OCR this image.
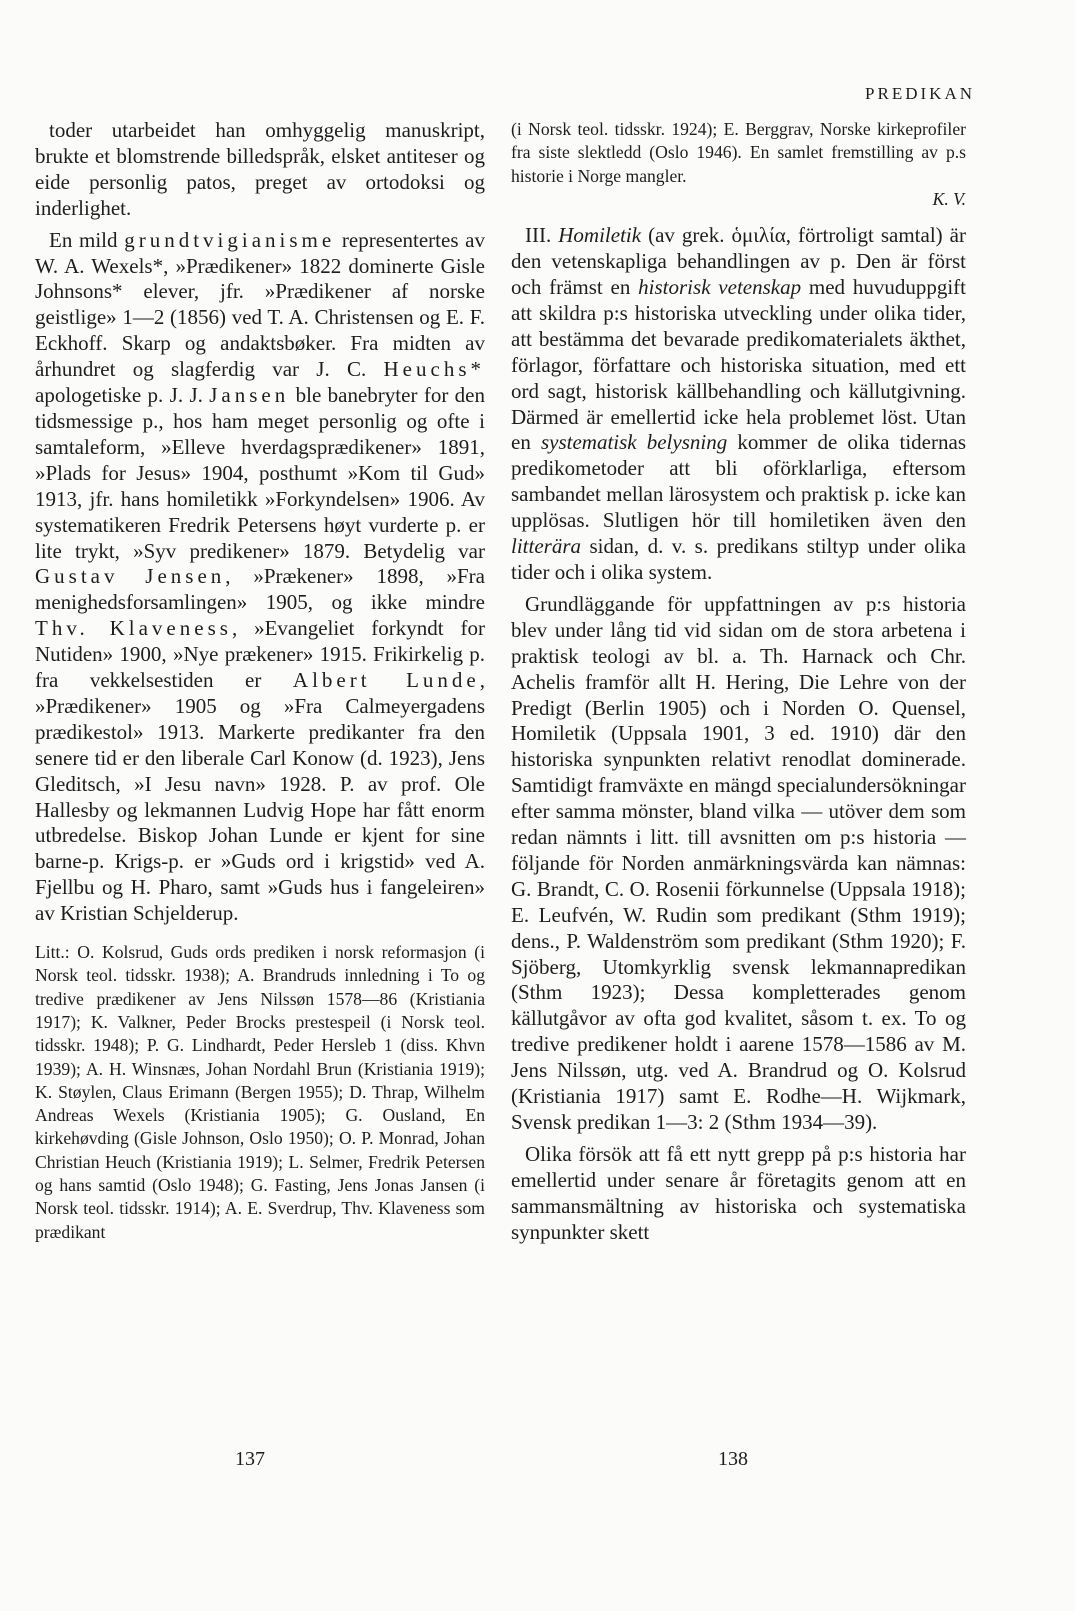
PREDIKAN

toder utarbeidet han omhyggelig manuskript, brukte et blomstrende billedspråk, elsket antiteser og eide personlig patos, preget av ortodoksi og inderlighet.

En mild grundtvigianisme representertes av W. A. Wexels*, »Prædikener» 1822 dominerte Gisle Johnsons* elever, jfr. »Prædikener af norske geistlige» 1—2 (1856) ved T. A. Christensen og E. F. Eckhoff. Skarp og andaktsbøker. Fra midten av århundret og slagferdig var J. C. Heuchs* apologetiske p. J. J. Jansen ble banebryter for den tidsmessige p., hos ham meget personlig og ofte i samtaleform, »Elleve hverdagsprædikener» 1891, »Plads for Jesus» 1904, posthumt »Kom til Gud» 1913, jfr. hans homiletikk »Forkyndelsen» 1906. Av systematikeren Fredrik Petersens høyt vurderte p. er lite trykt, »Syv predikener» 1879. Betydelig var Gustav Jensen, »Prækener» 1898, »Fra menighedsforsamlingen» 1905, og ikke mindre Thv. Klaveness, »Evangeliet forkyndt for Nutiden» 1900, »Nye prækener» 1915. Frikirkelig p. fra vekkelsestiden er Albert Lunde, »Prædikener» 1905 og »Fra Calmeyergadens prædikestol» 1913. Markerte predikanter fra den senere tid er den liberale Carl Konow (d. 1923), Jens Gleditsch, »I Jesu navn» 1928. P. av prof. Ole Hallesby og lekmannen Ludvig Hope har fått enorm utbredelse. Biskop Johan Lunde er kjent for sine barne-p. Krigs-p. er »Guds ord i krigstid» ved A. Fjellbu og H. Pharo, samt »Guds hus i fangeleiren» av Kristian Schjelderup.

Litt.: O. Kolsrud, Guds ords prediken i norsk reformasjon (i Norsk teol. tidsskr. 1938); A. Brandruds innledning i To og tredive prædikener av Jens Nilssøn 1578—86 (Kristiania 1917); K. Valkner, Peder Brocks prestespeil (i Norsk teol. tidsskr. 1948); P. G. Lindhardt, Peder Hersleb 1 (diss. Khvn 1939); A. H. Winsnæs, Johan Nordahl Brun (Kristiania 1919); K. Støylen, Claus Erimann (Bergen 1955); D. Thrap, Wilhelm Andreas Wexels (Kristiania 1905); G. Ousland, En kirkehøvding (Gisle Johnson, Oslo 1950); O. P. Monrad, Johan Christian Heuch (Kristiania 1919); L. Selmer, Fredrik Petersen og hans samtid (Oslo 1948); G. Fasting, Jens Jonas Jansen (i Norsk teol. tidsskr. 1914); A. E. Sverdrup, Thv. Klaveness som prædikant

(i Norsk teol. tidsskr. 1924); E. Berggrav, Norske kirkeprofiler fra siste slektledd (Oslo 1946). En samlet fremstilling av p.s historie i Norge mangler.

K. V.

III. Homiletik (av grek. ὁμιλία, förtroligt samtal) är den vetenskapliga behandlingen av p. Den är först och främst en historisk vetenskap med huvuduppgift att skildra p:s historiska utveckling under olika tider, att bestämma det bevarade predikomaterialets äkthet, förlagor, författare och historiska situation, med ett ord sagt, historisk källbehandling och källutgivning. Därmed är emellertid icke hela problemet löst. Utan en systematisk belysning kommer de olika tidernas predikometoder att bli oförklarliga, eftersom sambandet mellan lärosystem och praktisk p. icke kan upplösas. Slutligen hör till homiletiken även den litterära sidan, d. v. s. predikans stiltyp under olika tider och i olika system.

Grundläggande för uppfattningen av p:s historia blev under lång tid vid sidan om de stora arbetena i praktisk teologi av bl. a. Th. Harnack och Chr. Achelis framför allt H. Hering, Die Lehre von der Predigt (Berlin 1905) och i Norden O. Quensel, Homiletik (Uppsala 1901, 3 ed. 1910) där den historiska synpunkten relativt renodlat dominerade. Samtidigt framväxte en mängd specialundersökningar efter samma mönster, bland vilka — utöver dem som redan nämnts i litt. till avsnitten om p:s historia — följande för Norden anmärkningsvärda kan nämnas: G. Brandt, C. O. Rosenii förkunnelse (Uppsala 1918); E. Leufvén, W. Rudin som predikant (Sthm 1919); dens., P. Waldenström som predikant (Sthm 1920); F. Sjöberg, Utomkyrklig svensk lekmannapredikan (Sthm 1923); Dessa kompletterades genom källutgåvor av ofta god kvalitet, såsom t. ex. To og tredive predikener holdt i aarene 1578—1586 av M. Jens Nilssøn, utg. ved A. Brandrud og O. Kolsrud (Kristiania 1917) samt E. Rodhe—H. Wijkmark, Svensk predikan 1—3: 2 (Sthm 1934—39).

Olika försök att få ett nytt grepp på p:s historia har emellertid under senare år företagits genom att en sammansmältning av historiska och systematiska synpunkter skett

137	138
